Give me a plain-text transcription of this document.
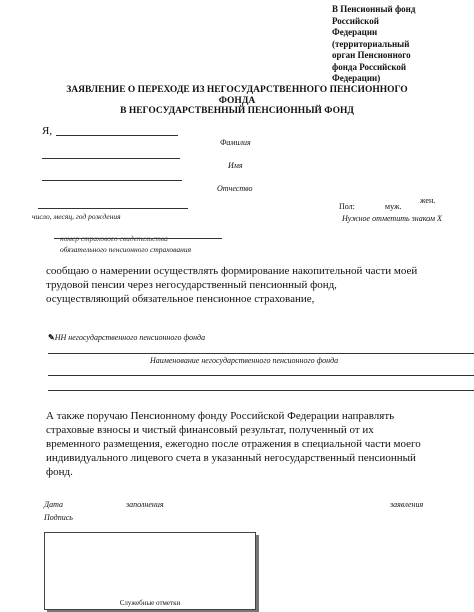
В Пенсионный фонд
Российской
Федерации
(территориальный
орган Пенсионного
фонда Российской
Федерации)
ЗАЯВЛЕНИЕ О ПЕРЕХОДЕ ИЗ НЕГОСУДАРСТВЕННОГО ПЕНСИОННОГО
ФОНДА
В НЕГОСУДАРСТВЕННЫЙ ПЕНСИОННЫЙ ФОНД
Я,
Фамилия
Имя
Отчество
число, месяц, год рождения
Пол:	муж.
жен.
Нужное отметить знаком X
номер страхового свидетельства
обязательного пенсионного страхования
сообщаю о намерении осуществлять формирование накопительной части моей
трудовой пенсии через негосударственный пенсионный фонд,
осуществляющий обязательное пенсионное страхование,
✎НН негосударственного пенсионного фонда
Наименование негосударственного пенсионного фонда
А также поручаю Пенсионному фонду Российской Федерации направлять
страховые взносы и чистый финансовый результат, полученный от их
временного размещения, ежегодно после отражения в специальной части моего
индивидуального лицевого счета в указанный негосударственный пенсионный
фонд.
Дата	заполнения	заявления
Подпись
Служебные отметки
